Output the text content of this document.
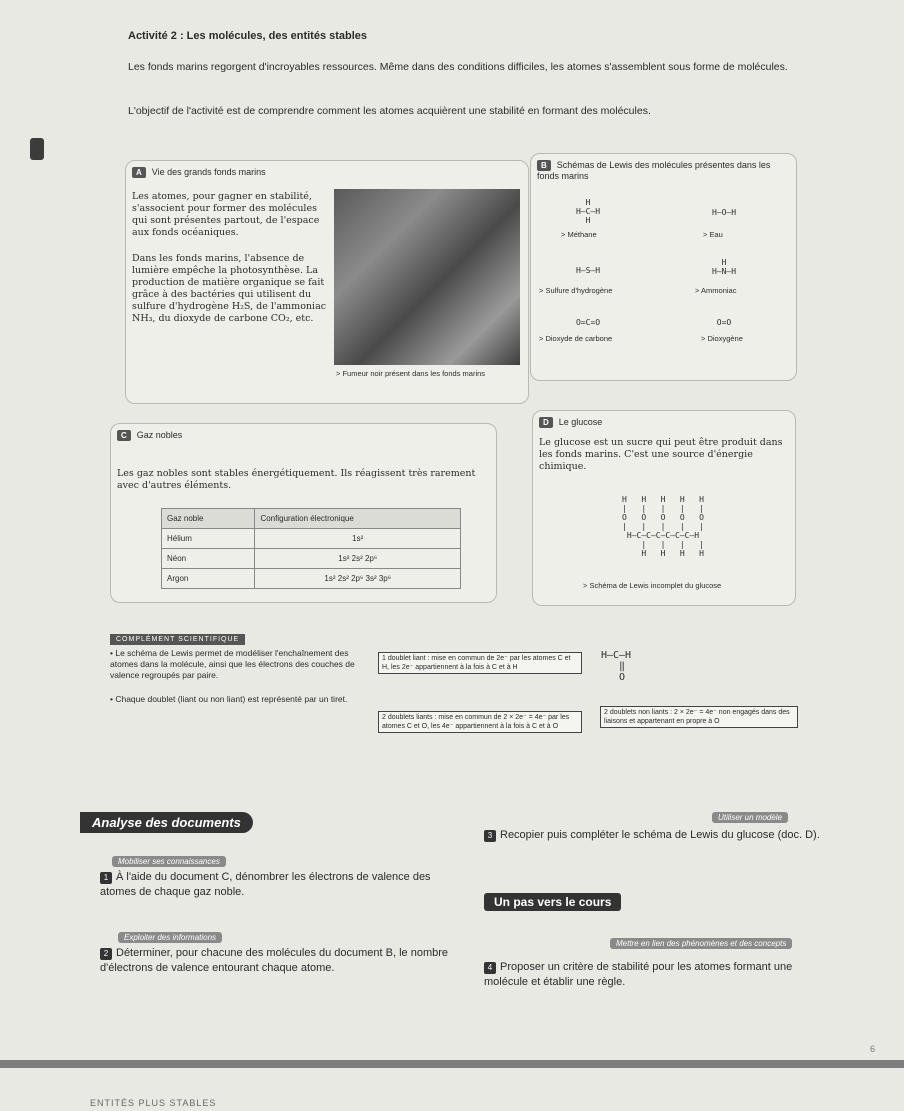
Activité 2 : Les molécules, des entités stables
Les fonds marins regorgent d'incroyables ressources. Même dans des conditions difficiles, les atomes s'assemblent sous forme de molécules.
L'objectif de l'activité est de comprendre comment les atomes acquièrent une stabilité en formant des molécules.
A Vie des grands fonds marins
Les atomes, pour gagner en stabilité, s'associent pour former des molécules qui sont présentes partout, de l'espace aux fonds océaniques.
Dans les fonds marins, l'absence de lumière empêche la photosynthèse. La production de matière organique se fait grâce à des bactéries qui utilisent du sulfure d'hydrogène H₂S, de l'ammoniac NH₃, du dioxyde de carbone CO₂, etc.
> Fumeur noir présent dans les fonds marins
B Schémas de Lewis des molécules présentes dans les fonds marins
H
H—C—H
H
> Méthane
H—O—H
> Eau
H—S—H
> Sulfure d'hydrogène
H
H—N—H
> Ammoniac
O=C=O
> Dioxyde de carbone
O=O
> Dioxygène
C Gaz nobles
Les gaz nobles sont stables énergétiquement. Ils réagissent très rarement avec d'autres éléments.
Gaz noble	Configuration électronique
Hélium	1s²
Néon	1s² 2s² 2p⁶
Argon	1s² 2s² 2p⁶ 3s² 3p⁶
D Le glucose
Le glucose est un sucre qui peut être produit dans les fonds marins. C'est une source d'énergie chimique.
H   H   H   H   H
|   |   |   |   |
O   O   O   O   O
|   |   |   |   |
H—C—C—C—C—C—C—H
|   |   |   |
H   H   H   H
> Schéma de Lewis incomplet du glucose
COMPLÉMENT SCIENTIFIQUE
• Le schéma de Lewis permet de modéliser l'enchaînement des atomes dans la molécule, ainsi que les électrons des couches de valence regroupés par paire.
• Chaque doublet (liant ou non liant) est représenté par un tiret.
1 doublet liant : mise en commun de 2e⁻ par les atomes C et H, les 2e⁻ appartiennent à la fois à C et à H
2 doublets liants : mise en commun de 2 × 2e⁻ = 4e⁻ par les atomes C et O, les 4e⁻ appartiennent à la fois à C et à O
2 doublets non liants : 2 × 2e⁻ = 4e⁻ non engagés dans des liaisons et appartenant en propre à O
H—C—H
‖
O
Analyse des documents
Mobiliser ses connaissances
1 À l'aide du document C, dénombrer les électrons de valence des atomes de chaque gaz noble.
Exploiter des informations
2 Déterminer, pour chacune des molécules du document B, le nombre d'électrons de valence entourant chaque atome.
Utiliser un modèle
3 Recopier puis compléter le schéma de Lewis du glucose (doc. D).
Un pas vers le cours
Mettre en lien des phénomènes et des concepts
4 Proposer un critère de stabilité pour les atomes formant une molécule et établir une règle.
ENTITÉS PLUS STABLES
6
